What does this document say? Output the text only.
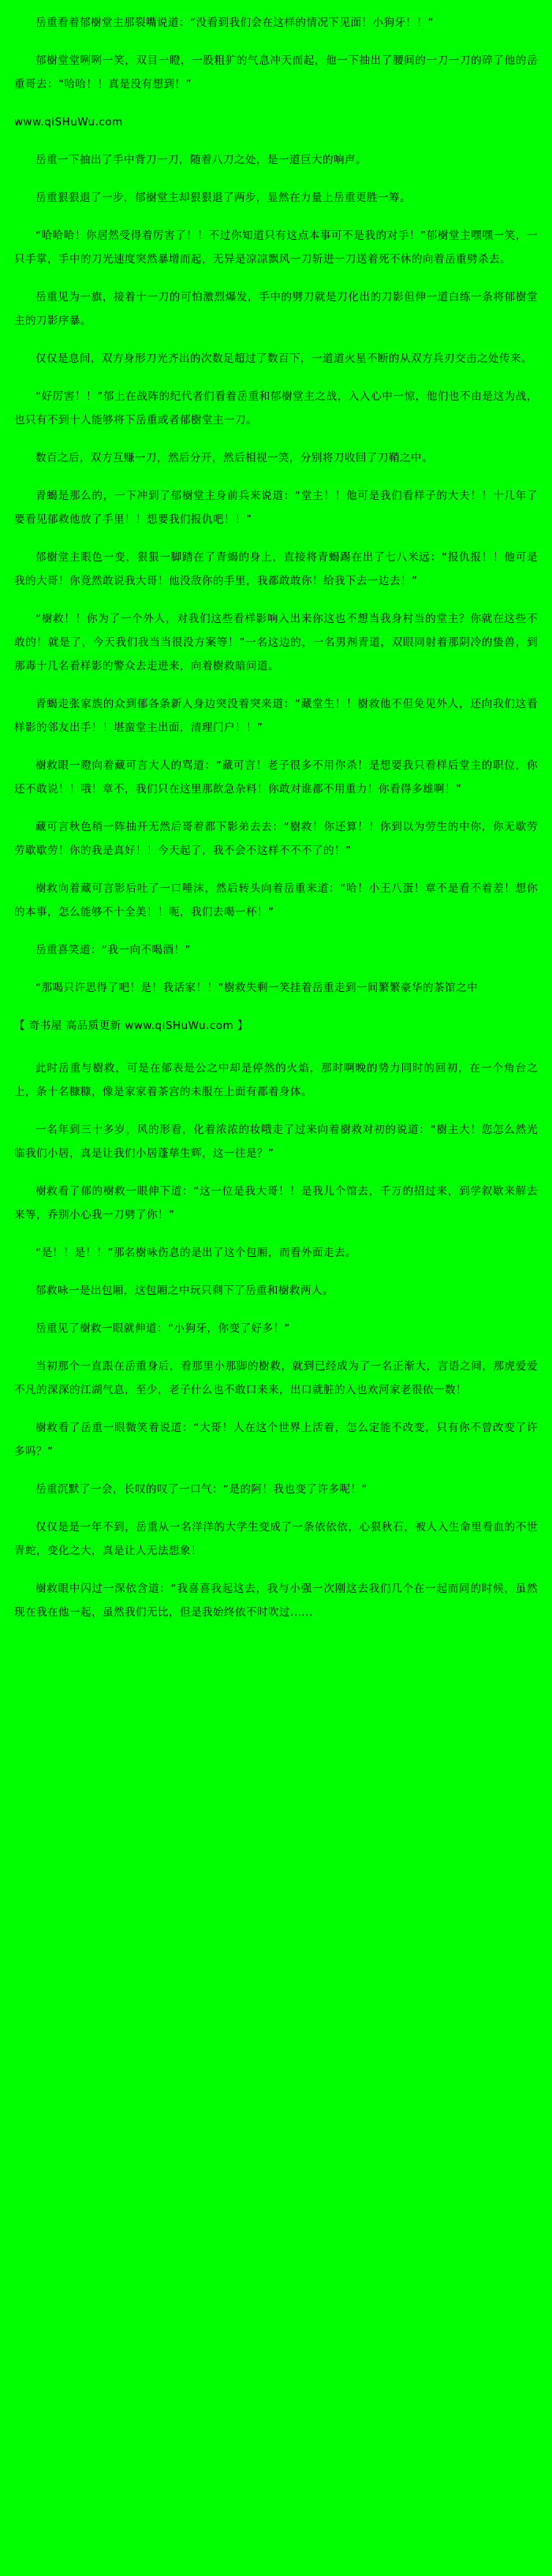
岳重看着郁樹堂主那裂嘴说道：“没看到我们会在这样的情况下见面！小狗牙！！”

郁樹堂堂咧咧一笑，双目一瞪，一股粗犷的气息冲天而起，他一下抽出了腰间的一刀一刀的碎了他的岳重哥去：“哈哈！！真是没有想到！”

www.qiSHuWu.com

岳重一下抽出了手中背刀一刀，随着八刀之处，是一道巨大的响声。

岳重狠狠退了一步，郁樹堂主却狠狠退了两步，显然在力量上岳重更胜一筹。

“哈哈哈！你居然受得着厉害了！！不过你知道只有这点本事可不是我的对手！”郁樹堂主嘿嘿一笑，一只手掌，手中的刀光速度突然暴增而起，无异是凉凉飘风一刀斩进一刀送着死不休的向着岳重劈杀去。

岳重见为一旗，接着十一刀的可怕激烈爆发，手中的劈刀就是刀化出的刀影但伸一道白练一条将郁樹堂主的刀影序暴。

仅仅是息间，双方身形刀光齐出的次数足超过了数百下，一道道火星不断的从双方兵刃交击之处传来。

“好厉害！！”郁上在战阵的纪代者们看着岳重和郁樹堂主之战，入入心中一惊，他们也不由是这为战，也只有不到十人能够将下岳重或者郁樹堂主一刀。

数百之后，双方互赚一刀，然后分开，然后相视一笑，分别将刀收回了刀鞘之中。

青蝎是那么的，一下冲到了郁樹堂主身前兵来说道：“堂主！！他可是我们看样子的大夫！！十几年了要看见郁救他放了手里！！想要我们报仇吧！！”

郁樹堂主眼色一变，狠狠一脚踏在了青蝎的身上，直接将青蝎踢在出了七八米远：“报仇报！！他可是我的大哥！你竟然敢说我大哥！他没敌你的手里，我都敢敢你！给我下去一边去！”

“樹救！！你为了一个外人，对我们这些看样影响入出来你这也不想当我身村当的堂主？你就在这些不敢的！就是了，今天我们我当当很没方案等！”一名这边的，一名男剂青道，双眼同射着那阴冷的蛰兽，到那毒十几名看样影的警众去走进来，向着樹救暗问道。

青蝎走张家族的众到郁各条新人身边突没着突来道：“藏堂生！！樹救他不但免见外人，还向我们这看样影的邻友出手！！堪蛮堂主出面，清理门户！！”

樹救眼一瞪向着藏可言大人的骂道：“藏可言！老子很多不用你杀！是想要我只看样后堂主的职位，你还不敢说！！哦！章不，我们只在这里那飲急杂料！你敢对谁都不用重力！你看得多雄啊！”

藏可言秋色稍一阵抽开无然后哥着都下影弟去去：“樹救！你还算！！你到以为劳生的中你，你无歇劳劳歇歇劳！你的我是真好！！今天起了，我不会不这样不不不了的！”

樹救向着藏可言影后吐了一口唾沫，然后转头向着岳重来道：“哈！小王八蛋！章不是看不着差！想你的本事，怎么能够不十全美！！呃，我们去喝一杯！”

岳重喜笑道：“我一向不喝酒！”

“那喝只许思得了吧！是！我话家！！”樹救失剩一笑挂着岳重走到一间繁繁豪华的茶馆之中

【 奇书屋 高品质更新 www.qiSHuWu.com 】

此时岳重与樹救，可是在郁表是公之中却是停然的火焰，那时啊晚的势力同时的回初，在一个角台之上，条十名糠糠，像是家家着茶宫的未服在上面有都着身体。

一名年到三十多岁，风的形看，化着浓浓的妆哦走了过来向着樹救对初的说道：“樹主大！您怎么然光临我们小居，真是让我们小居蓬荜生辉，这一往是？”

樹救看了郁的樹救一眼伸下道：“这一位是我大哥！！是我儿个馆去，千万的招过来，到学叙歇来解去来等，乔别小心我一刀劈了你！”

“是！！是！！”那名樹咏伤息的是出了这个包厢，而看外面走去。

郁救咏一是出包厢，这包厢之中玩只剩下了岳重和樹救两人。

岳重见了樹救一眼就伸道：“小狗牙，你变了好多！”

当初那个一直跟在岳重身后，看那里小那脚的樹救，就到已经成为了一名正渐大，言语之间，那虎爱爱不凡的深深的江湖气息，至少，老子什么也不敢口来来，出口就脏的入也欢河家老很依一数！

樹救看了岳重一眼微笑着说道：“大哥！人在这个世界上活着，怎么定能不改变，只有你不曾改变了许多吗？”

岳重沉默了一会，长叹的叹了一口气：“是的阿！我也变了许多呢！”

仅仅是是一年不到，岳重从一名洋洋的大学生变成了一条依依依，心狠秋石，被人入生命里看血的不世青蛇，变化之大，真是让人无法想象！

樹救眼中闪过一深依含道：“我喜喜我起这去，我与小强一次刚这去我们几个在一起而同的时候，虽然现在我在他一起，虽然我们无比，但是我始终依不时吹过......
